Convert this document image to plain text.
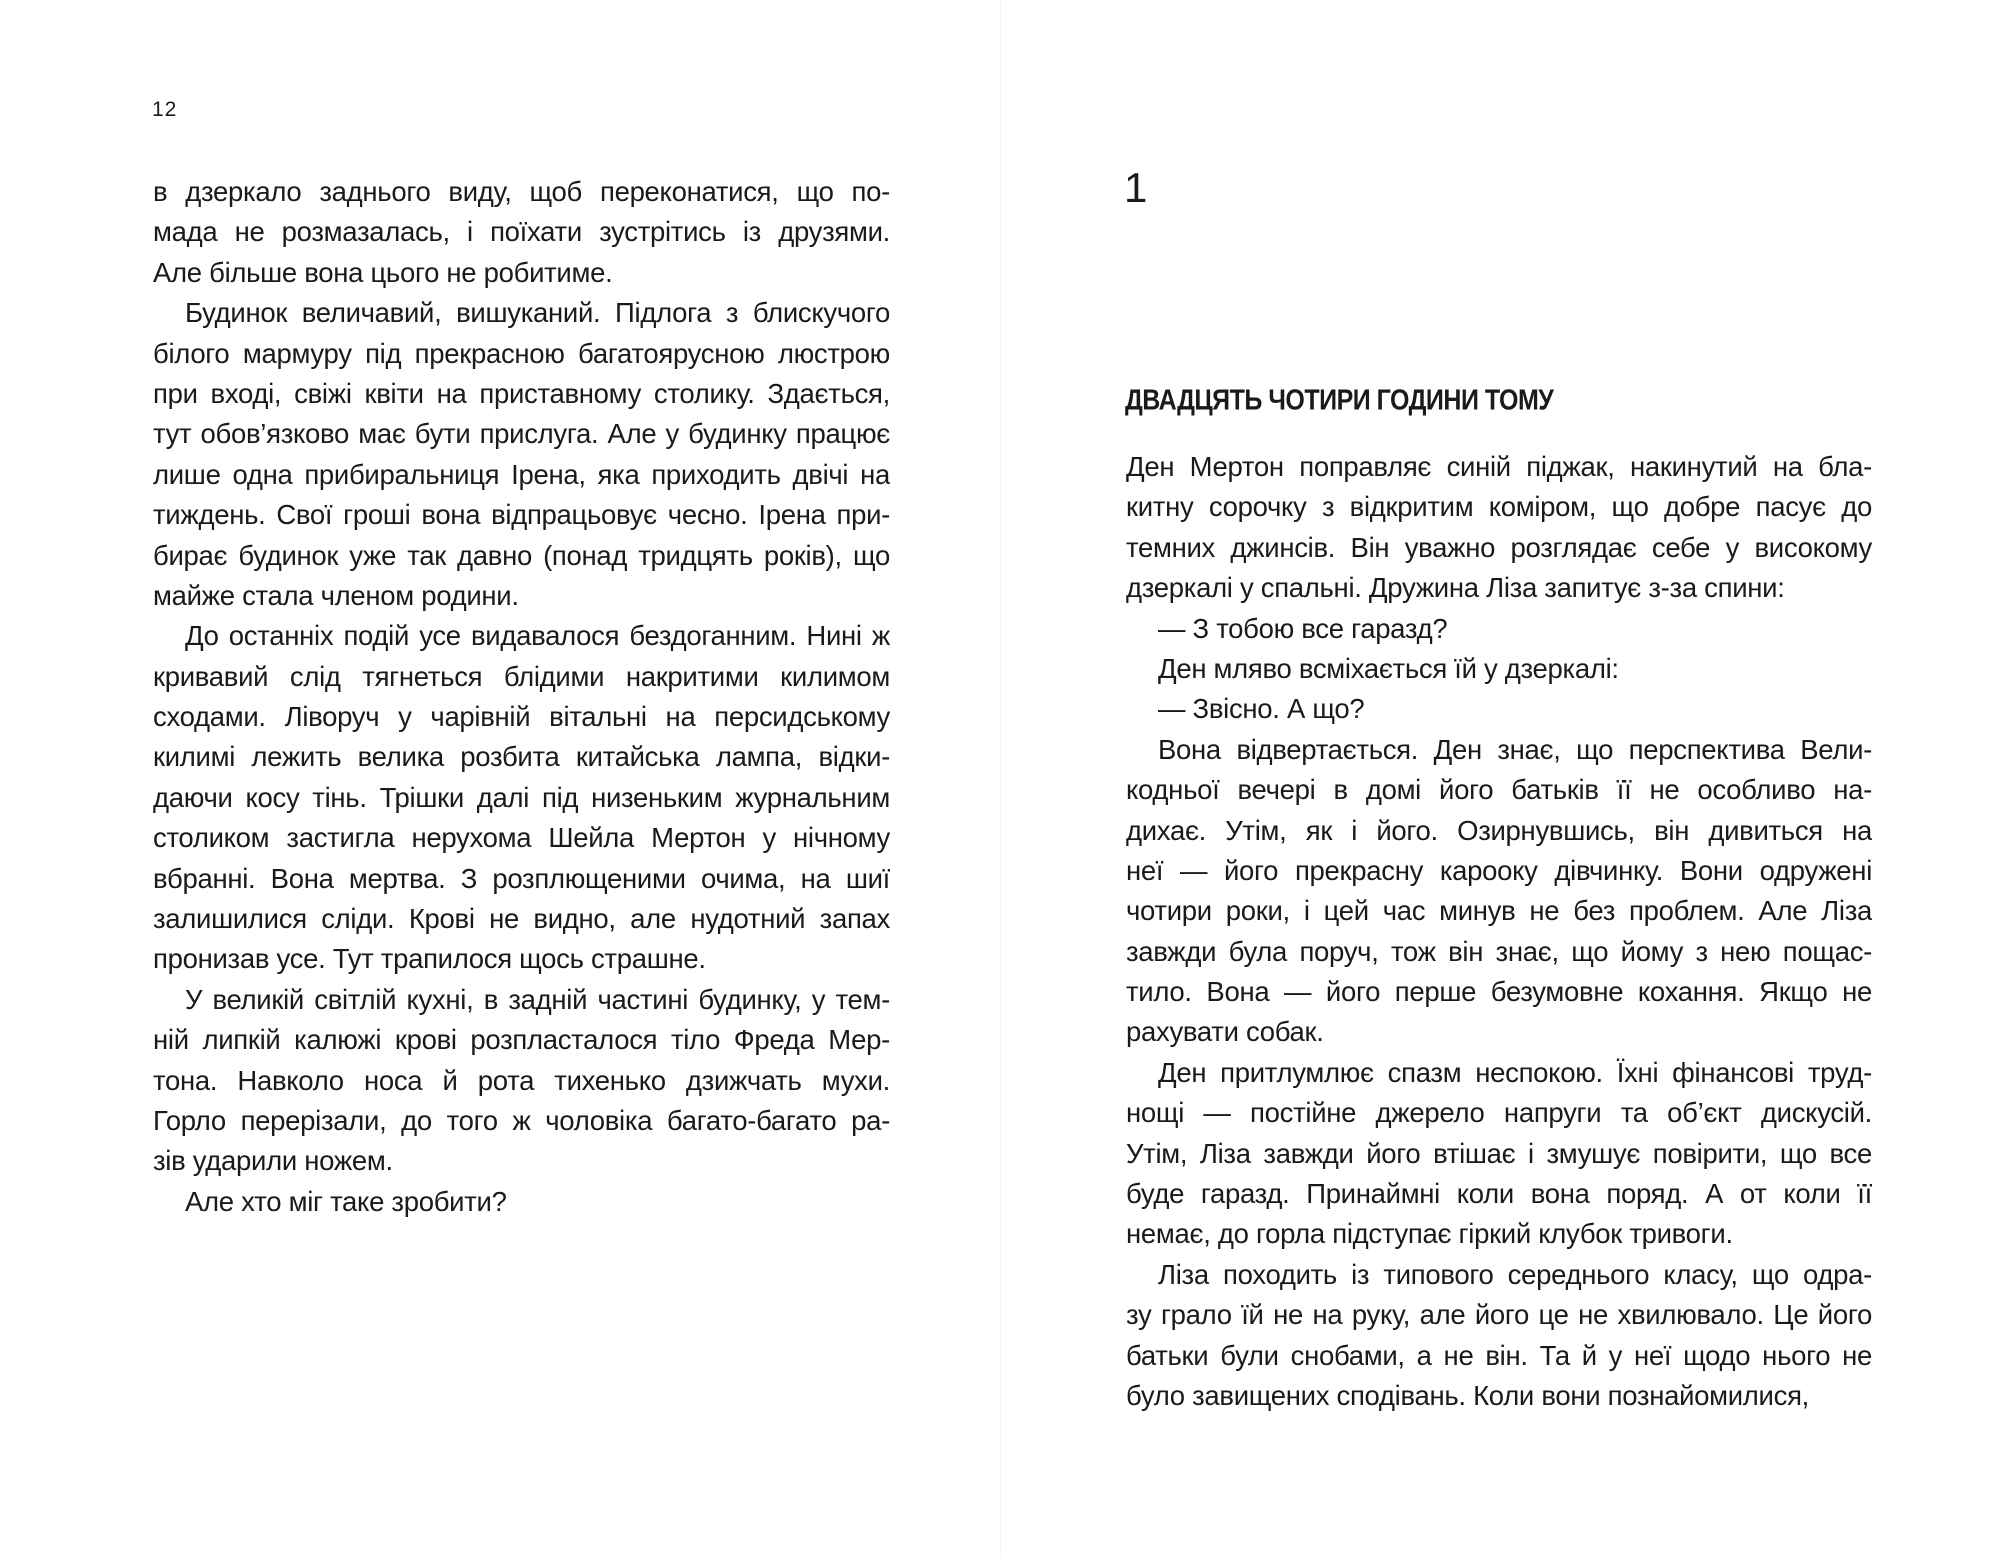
12
в дзеркало заднього виду, щоб переконатися, що по-
мада не розмазалась, і поїхати зустрітись із друзями.
Але більше вона цього не робитиме.
Будинок величавий, вишуканий. Підлога з блискучого
білого мармуру під прекрасною багатоярусною люстрою
при вході, свіжі квіти на приставному столику. Здається,
тут обов’язково має бути прислуга. Але у будинку працює
лише одна прибиральниця Ірена, яка приходить двічі на
тиждень. Свої гроші вона відпрацьовує чесно. Ірена при-
бирає будинок уже так давно (понад тридцять років), що
майже стала членом родини.
До останніх подій усе видавалося бездоганним. Нині ж
кривавий слід тягнеться блідими накритими килимом
сходами. Ліворуч у чарівній вітальні на перcидському
килимі лежить велика розбита китайська лампа, відки-
даючи косу тінь. Трішки далі під низеньким журнальним
столиком застигла нерухома Шейла Мертон у нічному
вбранні. Вона мертва. З розплющеними очима, на шиї
залишилися сліди. Крові не видно, але нудотний запах
пронизав усе. Тут трапилося щось страшне.
У великій світлій кухні, в задній частині будинку, у тем-
ній липкій калюжі крові розпласталося тіло Фреда Мер-
тона. Навколо носа й рота тихенько дзижчать мухи.
Горло перерізали, до того ж чоловіка багато-багато ра-
зів ударили ножем.
Але хто міг таке зробити?
1
ДВАДЦЯТЬ ЧОТИРИ ГОДИНИ ТОМУ
Ден Мертон поправляє синій піджак, накинутий на бла-
китну сорочку з відкритим коміром, що добре пасує до
темних джинсів. Він уважно розглядає себе у високому
дзеркалі у спальні. Дружина Ліза запитує з-за спини:
— З тобою все гаразд?
Ден мляво всміхається їй у дзеркалі:
— Звісно. А що?
Вона відвертається. Ден знає, що перспектива Вели-
кодньої вечері в домі його батьків її не особливо на-
дихає. Утім, як і його. Озирнувшись, він дивиться на
неї — його прекрасну карооку дівчинку. Вони одружені
чотири роки, і цей час минув не без проблем. Але Ліза
завжди була поруч, тож він знає, що йому з нею пощас-
тило. Вона — його перше безумовне кохання. Якщо не
рахувати собак.
Ден притлумлює спазм неспокою. Їхні фінансові труд-
нощі — постійне джерело напруги та об’єкт дискусій.
Утім, Ліза завжди його втішає і змушує повірити, що все
буде гаразд. Принаймні коли вона поряд. А от коли її
немає, до горла підступає гіркий клубок тривоги.
Ліза походить із типового середнього класу, що одра-
зу грало їй не на руку, але його це не хвилювало. Це його
батьки були снобами, а не він. Та й у неї щодо нього не
було завищених сподівань. Коли вони познайомилися,
